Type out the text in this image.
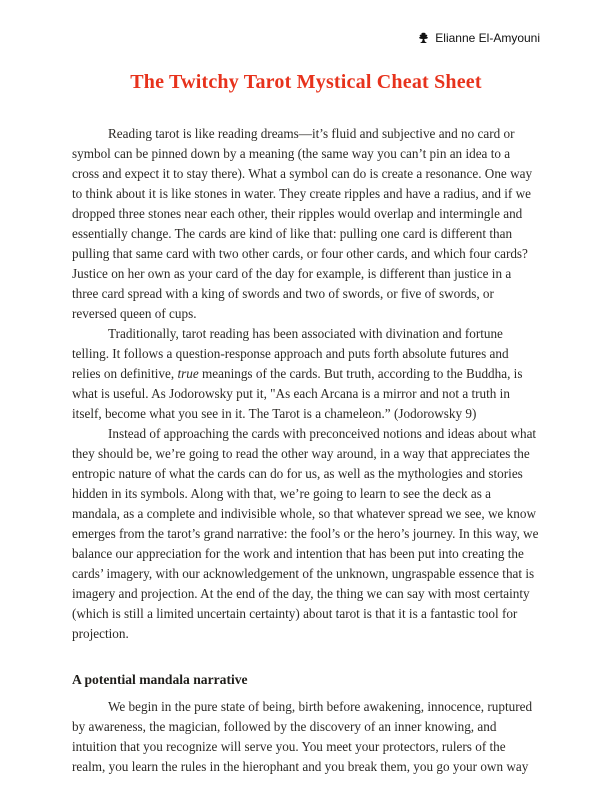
Elianne El-Amyouni
The Twitchy Tarot Mystical Cheat Sheet

Reading tarot is like reading dreams—it’s fluid and subjective and no card or symbol can be pinned down by a meaning (the same way you can’t pin an idea to a cross and expect it to stay there). What a symbol can do is create a resonance. One way to think about it is like stones in water. They create ripples and have a radius, and if we dropped three stones near each other, their ripples would overlap and intermingle and essentially change. The cards are kind of like that: pulling one card is different than pulling that same card with two other cards, or four other cards, and which four cards? Justice on her own as your card of the day for example, is different than justice in a three card spread with a king of swords and two of swords, or five of swords, or reversed queen of cups.

Traditionally, tarot reading has been associated with divination and fortune telling. It follows a question-response approach and puts forth absolute futures and relies on definitive, true meanings of the cards. But truth, according to the Buddha, is what is useful. As Jodorowsky put it, "As each Arcana is a mirror and not a truth in itself, become what you see in it. The Tarot is a chameleon.” (Jodorowsky 9)

Instead of approaching the cards with preconceived notions and ideas about what they should be, we’re going to read the other way around, in a way that appreciates the entropic nature of what the cards can do for us, as well as the mythologies and stories hidden in its symbols. Along with that, we’re going to learn to see the deck as a mandala, as a complete and indivisible whole, so that whatever spread we see, we know emerges from the tarot’s grand narrative: the fool’s or the hero’s journey. In this way, we balance our appreciation for the work and intention that has been put into creating the cards’ imagery, with our acknowledgement of the unknown, ungraspable essence that is imagery and projection. At the end of the day, the thing we can say with most certainty (which is still a limited uncertain certainty) about tarot is that it is a fantastic tool for projection.

A potential mandala narrative

We begin in the pure state of being, birth before awakening, innocence, ruptured by awareness, the magician, followed by the discovery of an inner knowing, and intuition that you recognize will serve you. You meet your protectors, rulers of the realm, you learn the rules in the hierophant and you break them, you go your own way
